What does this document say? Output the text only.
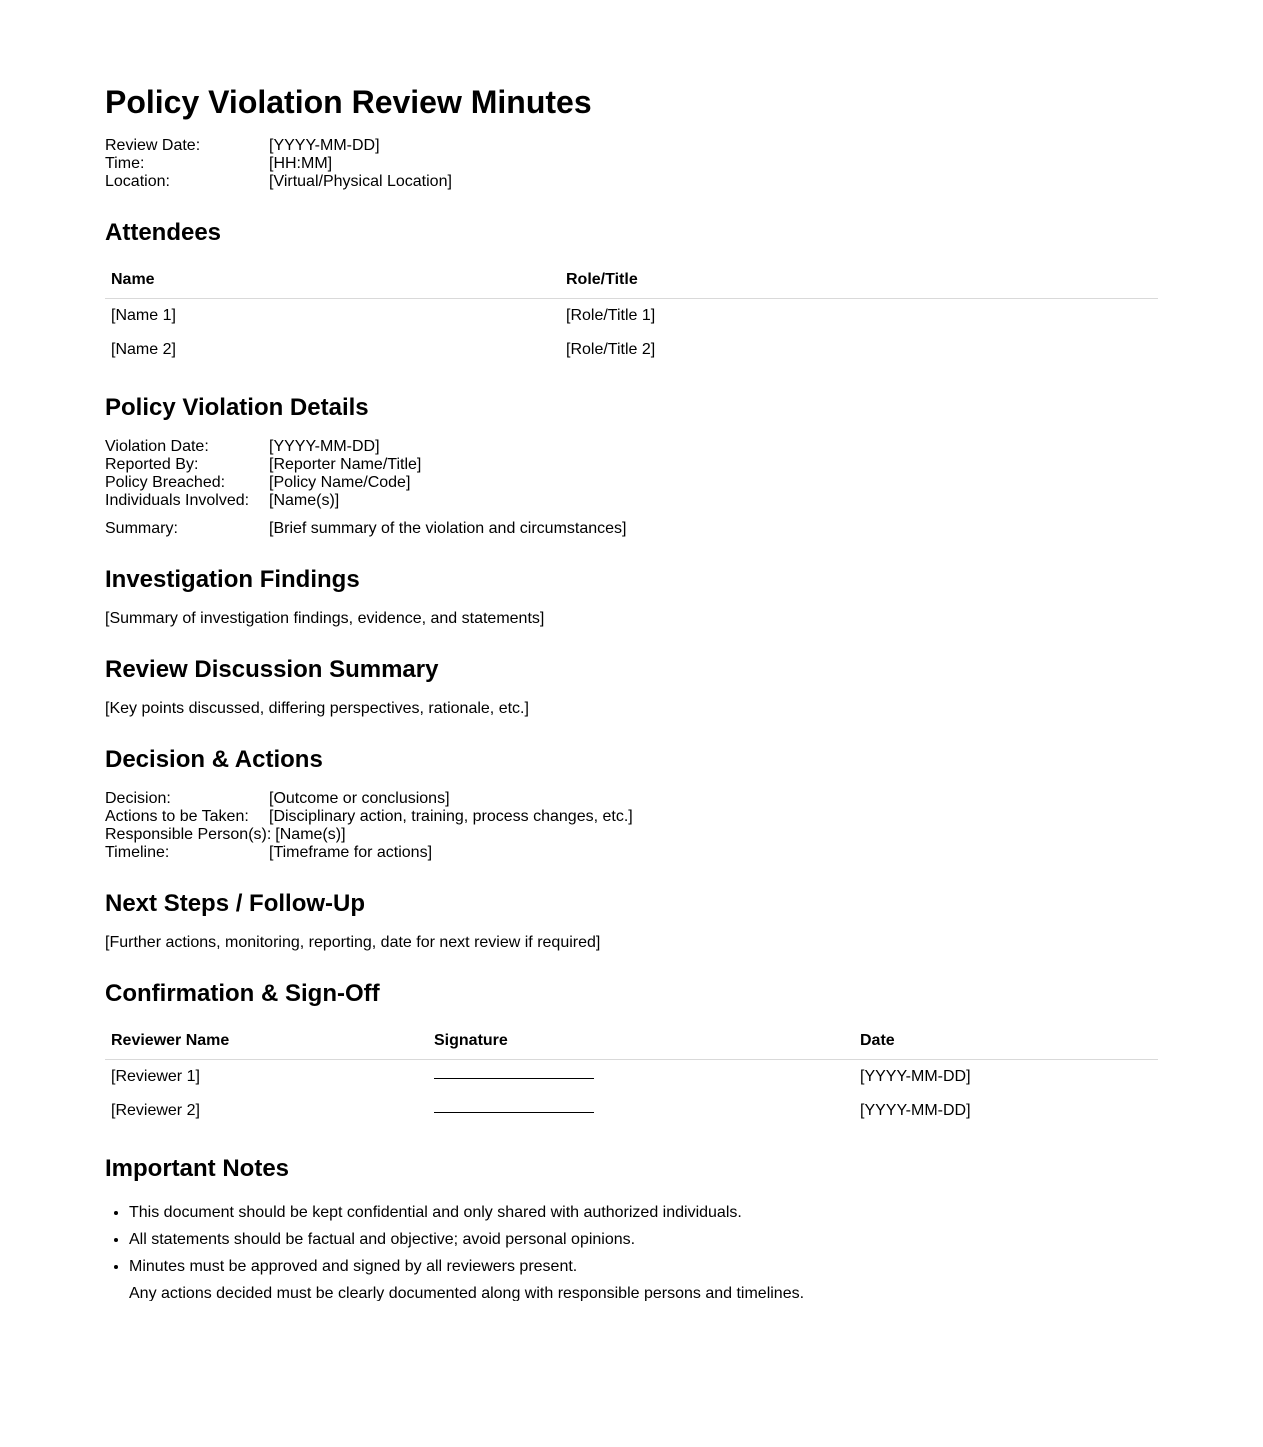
Policy Violation Review Minutes
Review Date:	[YYYY-MM-DD]
Time:	[HH:MM]
Location:	[Virtual/Physical Location]
Attendees
Name	Role/Title
[Name 1]	[Role/Title 1]
[Name 2]	[Role/Title 2]
Policy Violation Details
Violation Date:	[YYYY-MM-DD]
Reported By:	[Reporter Name/Title]
Policy Breached:	[Policy Name/Code]
Individuals Involved: [Name(s)]
Summary:	[Brief summary of the violation and circumstances]
Investigation Findings
[Summary of investigation findings, evidence, and statements]
Review Discussion Summary
[Key points discussed, differing perspectives, rationale, etc.]
Decision & Actions
Decision:	[Outcome or conclusions]
Actions to be Taken: [Disciplinary action, training, process changes, etc.]
Responsible Person(s): [Name(s)]
Timeline:	[Timeframe for actions]
Next Steps / Follow-Up
[Further actions, monitoring, reporting, date for next review if required]
Confirmation & Sign-Off
Reviewer Name	Signature	Date
[Reviewer 1]		[YYYY-MM-DD]
[Reviewer 2]		[YYYY-MM-DD]
Important Notes
• This document should be kept confidential and only shared with authorized individuals.
• All statements should be factual and objective; avoid personal opinions.
• Minutes must be approved and signed by all reviewers present.
• Any actions decided must be clearly documented along with responsible persons and timelines.
